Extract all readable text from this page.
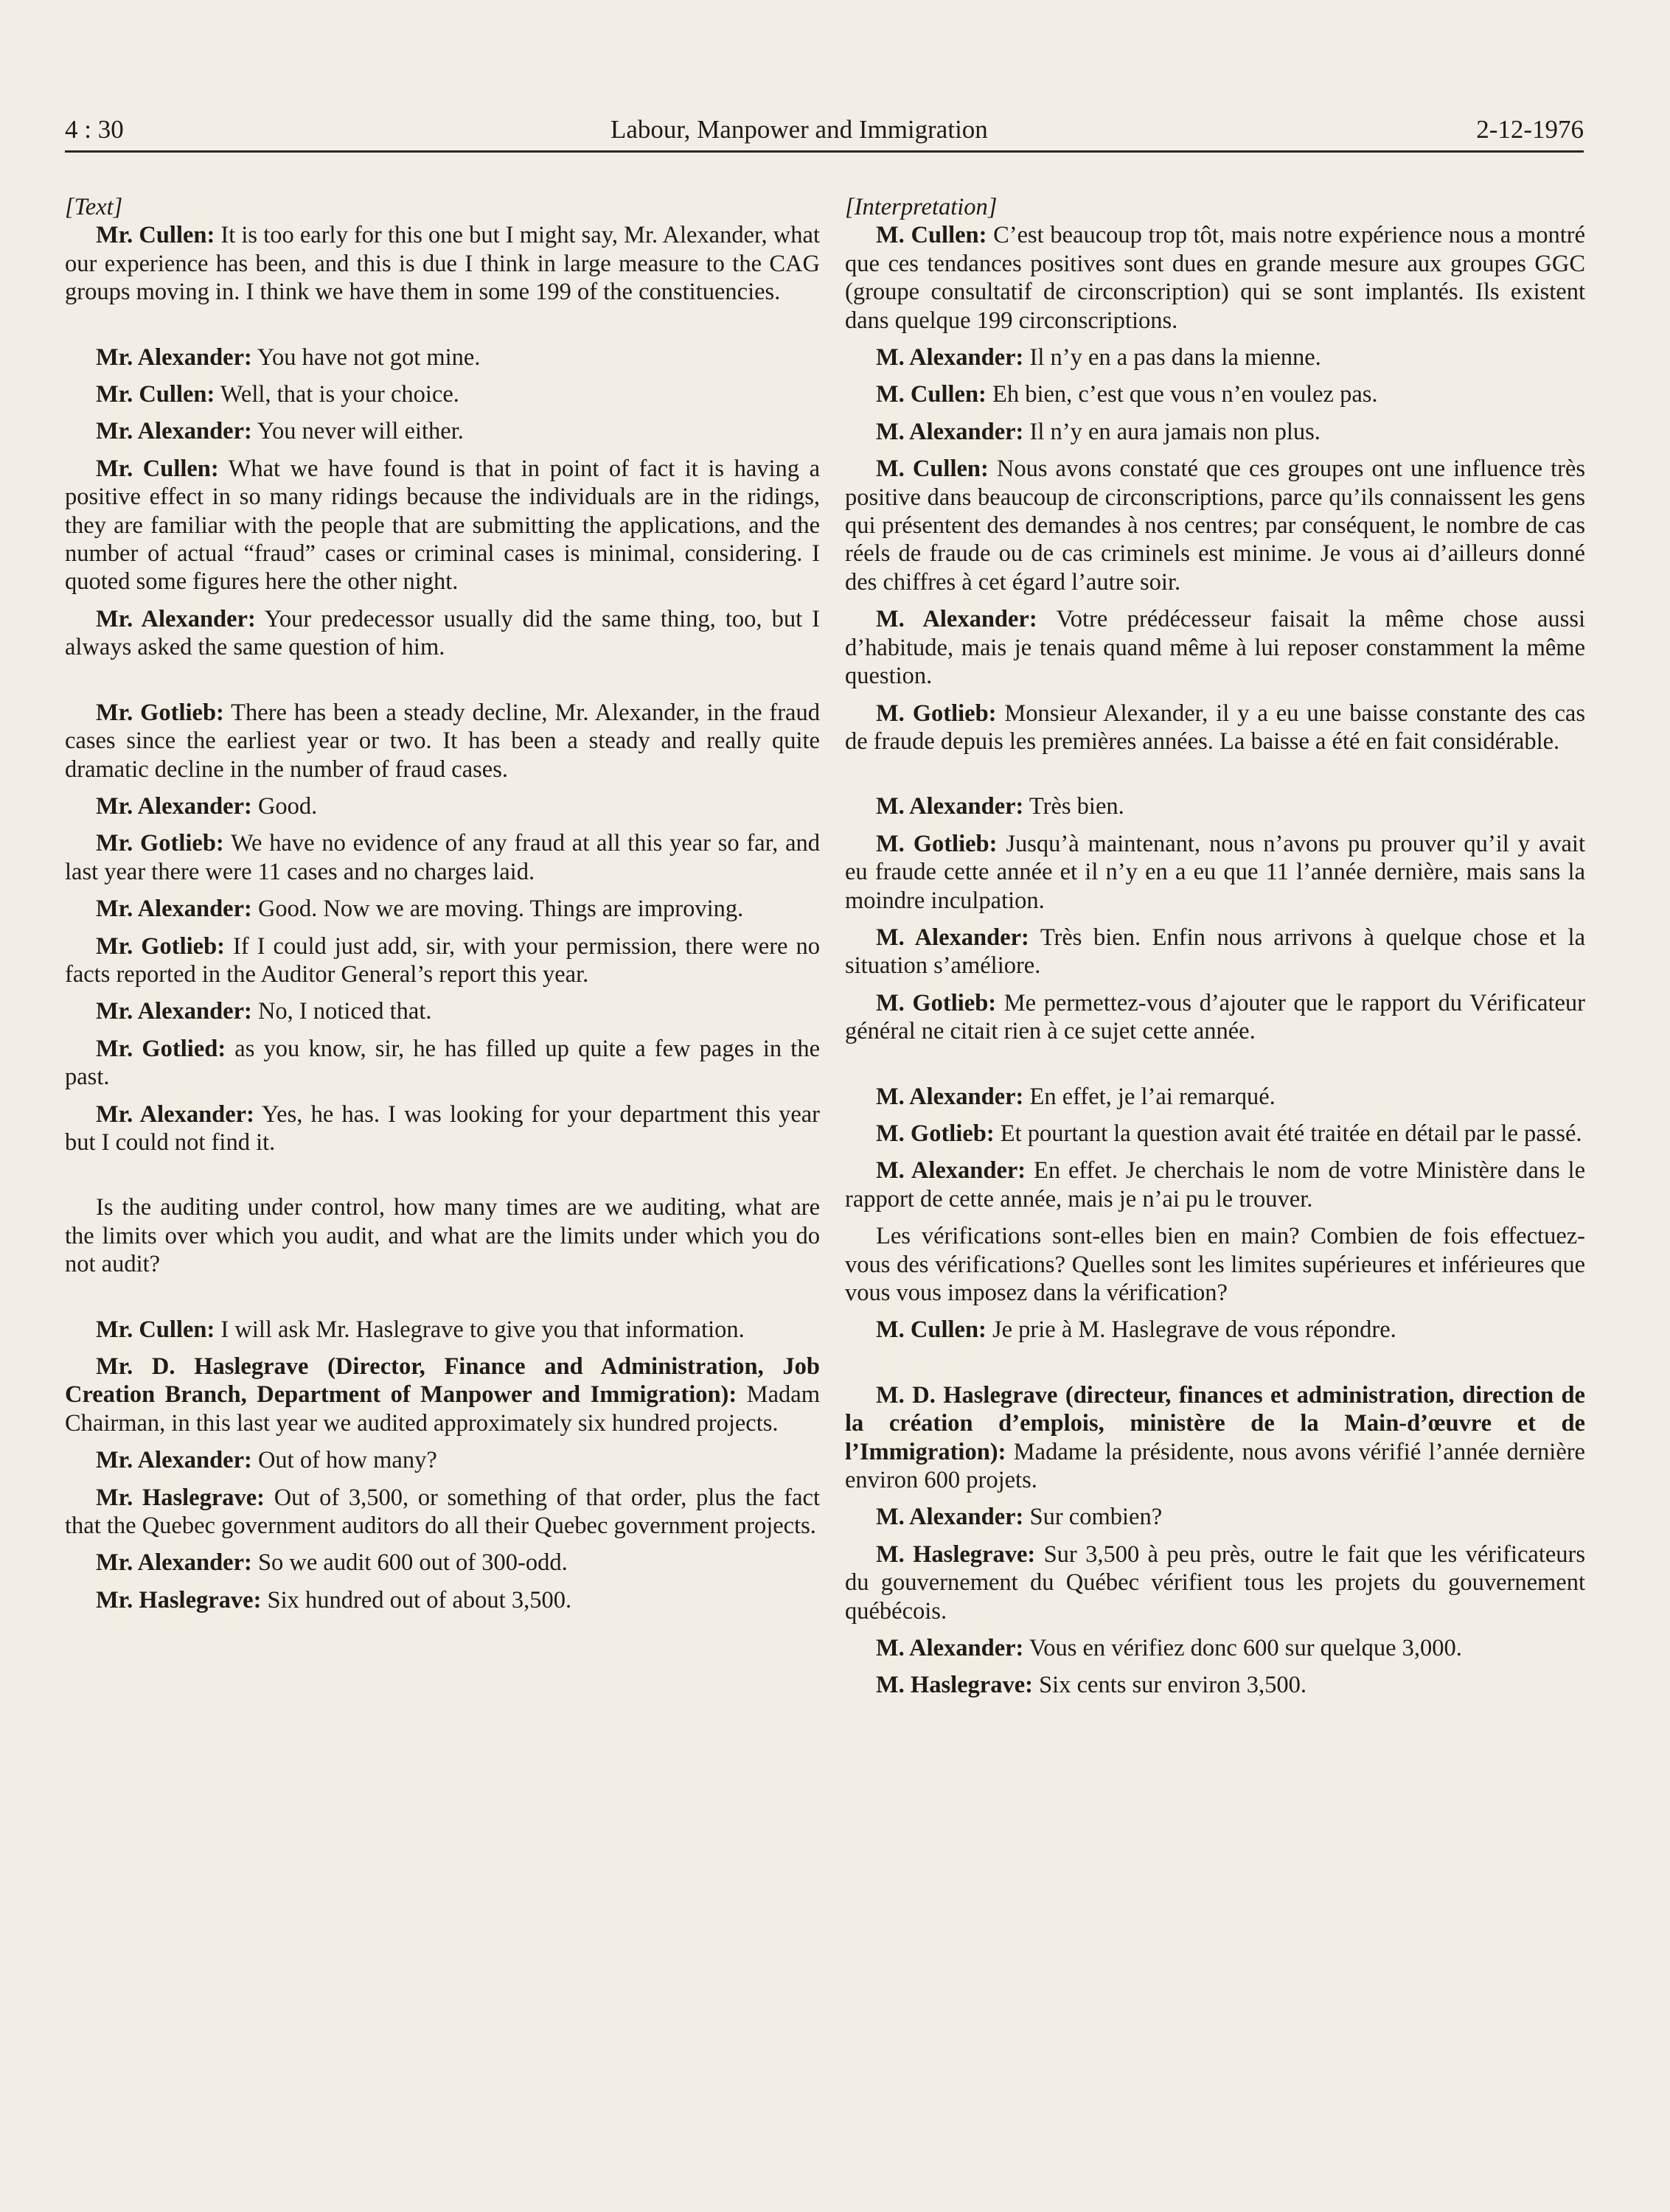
4 : 30	Labour, Manpower and Immigration	2-12-1976

[Text]

Mr. Cullen: It is too early for this one but I might say, Mr. Alexander, what our experience has been, and this is due I think in large measure to the CAG groups moving in. I think we have them in some 199 of the constituencies.

Mr. Alexander: You have not got mine.

Mr. Cullen: Well, that is your choice.

Mr. Alexander: You never will either.

Mr. Cullen: What we have found is that in point of fact it is having a positive effect in so many ridings because the individuals are in the ridings, they are familiar with the people that are submitting the applications, and the number of actual “fraud” cases or criminal cases is minimal, considering. I quoted some figures here the other night.

Mr. Alexander: Your predecessor usually did the same thing, too, but I always asked the same question of him.

Mr. Gotlieb: There has been a steady decline, Mr. Alexander, in the fraud cases since the earliest year or two. It has been a steady and really quite dramatic decline in the number of fraud cases.

Mr. Alexander: Good.

Mr. Gotlieb: We have no evidence of any fraud at all this year so far, and last year there were 11 cases and no charges laid.

Mr. Alexander: Good. Now we are moving. Things are improving.

Mr. Gotlieb: If I could just add, sir, with your permission, there were no facts reported in the Auditor General’s report this year.

Mr. Alexander: No, I noticed that.

Mr. Gotlied: as you know, sir, he has filled up quite a few pages in the past.

Mr. Alexander: Yes, he has. I was looking for your department this year but I could not find it.

Is the auditing under control, how many times are we auditing, what are the limits over which you audit, and what are the limits under which you do not audit?

Mr. Cullen: I will ask Mr. Haslegrave to give you that information.

Mr. D. Haslegrave (Director, Finance and Administration, Job Creation Branch, Department of Manpower and Immigration): Madam Chairman, in this last year we audited approximately six hundred projects.

Mr. Alexander: Out of how many?

Mr. Haslegrave: Out of 3,500, or something of that order, plus the fact that the Quebec government auditors do all their Quebec government projects.

Mr. Alexander: So we audit 600 out of 300-odd.

Mr. Haslegrave: Six hundred out of about 3,500.

[Interpretation]

M. Cullen: C’est beaucoup trop tôt, mais notre expérience nous a montré que ces tendances positives sont dues en grande mesure aux groupes GGC (groupe consultatif de circonscription) qui se sont implantés. Ils existent dans quelque 199 circonscriptions.

M. Alexander: Il n’y en a pas dans la mienne.

M. Cullen: Eh bien, c’est que vous n’en voulez pas.

M. Alexander: Il n’y en aura jamais non plus.

M. Cullen: Nous avons constaté que ces groupes ont une influence très positive dans beaucoup de circonscriptions, parce qu’ils connaissent les gens qui présentent des demandes à nos centres; par conséquent, le nombre de cas réels de fraude ou de cas criminels est minime. Je vous ai d’ailleurs donné des chiffres à cet égard l’autre soir.

M. Alexander: Votre prédécesseur faisait la même chose aussi d’habitude, mais je tenais quand même à lui reposer constamment la même question.

M. Gotlieb: Monsieur Alexander, il y a eu une baisse constante des cas de fraude depuis les premières années. La baisse a été en fait considérable.

M. Alexander: Très bien.

M. Gotlieb: Jusqu’à maintenant, nous n’avons pu prouver qu’il y avait eu fraude cette année et il n’y en a eu que 11 l’année dernière, mais sans la moindre inculpation.

M. Alexander: Très bien. Enfin nous arrivons à quelque chose et la situation s’améliore.

M. Gotlieb: Me permettez-vous d’ajouter que le rapport du Vérificateur général ne citait rien à ce sujet cette année.

M. Alexander: En effet, je l’ai remarqué.

M. Gotlieb: Et pourtant la question avait été traitée en détail par le passé.

M. Alexander: En effet. Je cherchais le nom de votre Ministère dans le rapport de cette année, mais je n’ai pu le trouver.

Les vérifications sont-elles bien en main? Combien de fois effectuez-vous des vérifications? Quelles sont les limites supérieures et inférieures que vous vous imposez dans la vérification?

M. Cullen: Je prie à M. Haslegrave de vous répondre.

M. D. Haslegrave (directeur, finances et administration, direction de la création d’emplois, ministère de la Main-d’œuvre et de l’Immigration): Madame la présidente, nous avons vérifié l’année dernière environ 600 projets.

M. Alexander: Sur combien?

M. Haslegrave: Sur 3,500 à peu près, outre le fait que les vérificateurs du gouvernement du Québec vérifient tous les projets du gouvernement québécois.

M. Alexander: Vous en vérifiez donc 600 sur quelque 3,000.

M. Haslegrave: Six cents sur environ 3,500.
